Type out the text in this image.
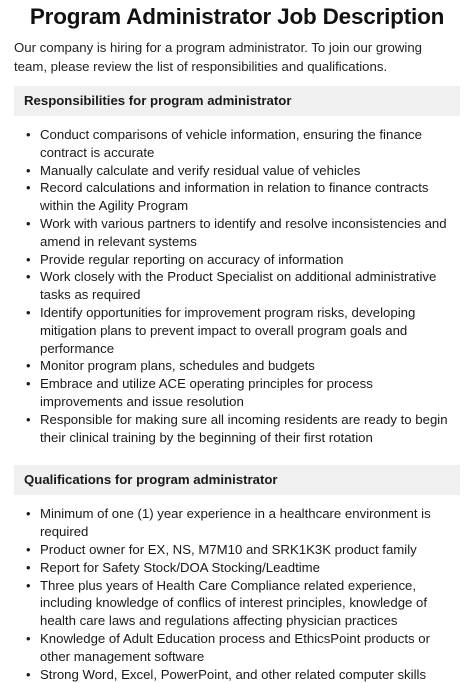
Program Administrator Job Description

Our company is hiring for a program administrator. To join our growing team, please review the list of responsibilities and qualifications.

Responsibilities for program administrator
• Conduct comparisons of vehicle information, ensuring the finance contract is accurate
• Manually calculate and verify residual value of vehicles
• Record calculations and information in relation to finance contracts within the Agility Program
• Work with various partners to identify and resolve inconsistencies and amend in relevant systems
• Provide regular reporting on accuracy of information
• Work closely with the Product Specialist on additional administrative tasks as required
• Identify opportunities for improvement program risks, developing mitigation plans to prevent impact to overall program goals and performance
• Monitor program plans, schedules and budgets
• Embrace and utilize ACE operating principles for process improvements and issue resolution
• Responsible for making sure all incoming residents are ready to begin their clinical training by the beginning of their first rotation
Qualifications for program administrator
• Minimum of one (1) year experience in a healthcare environment is required
• Product owner for EX, NS, M7M10 and SRK1K3K product family
• Report for Safety Stock/DOA Stocking/Leadtime
• Three plus years of Health Care Compliance related experience, including knowledge of conflics of interest principles, knowledge of health care laws and regulations affecting physician practices
• Knowledge of Adult Education process and EthicsPoint products or other management software
• Strong Word, Excel, PowerPoint, and other related computer skills
